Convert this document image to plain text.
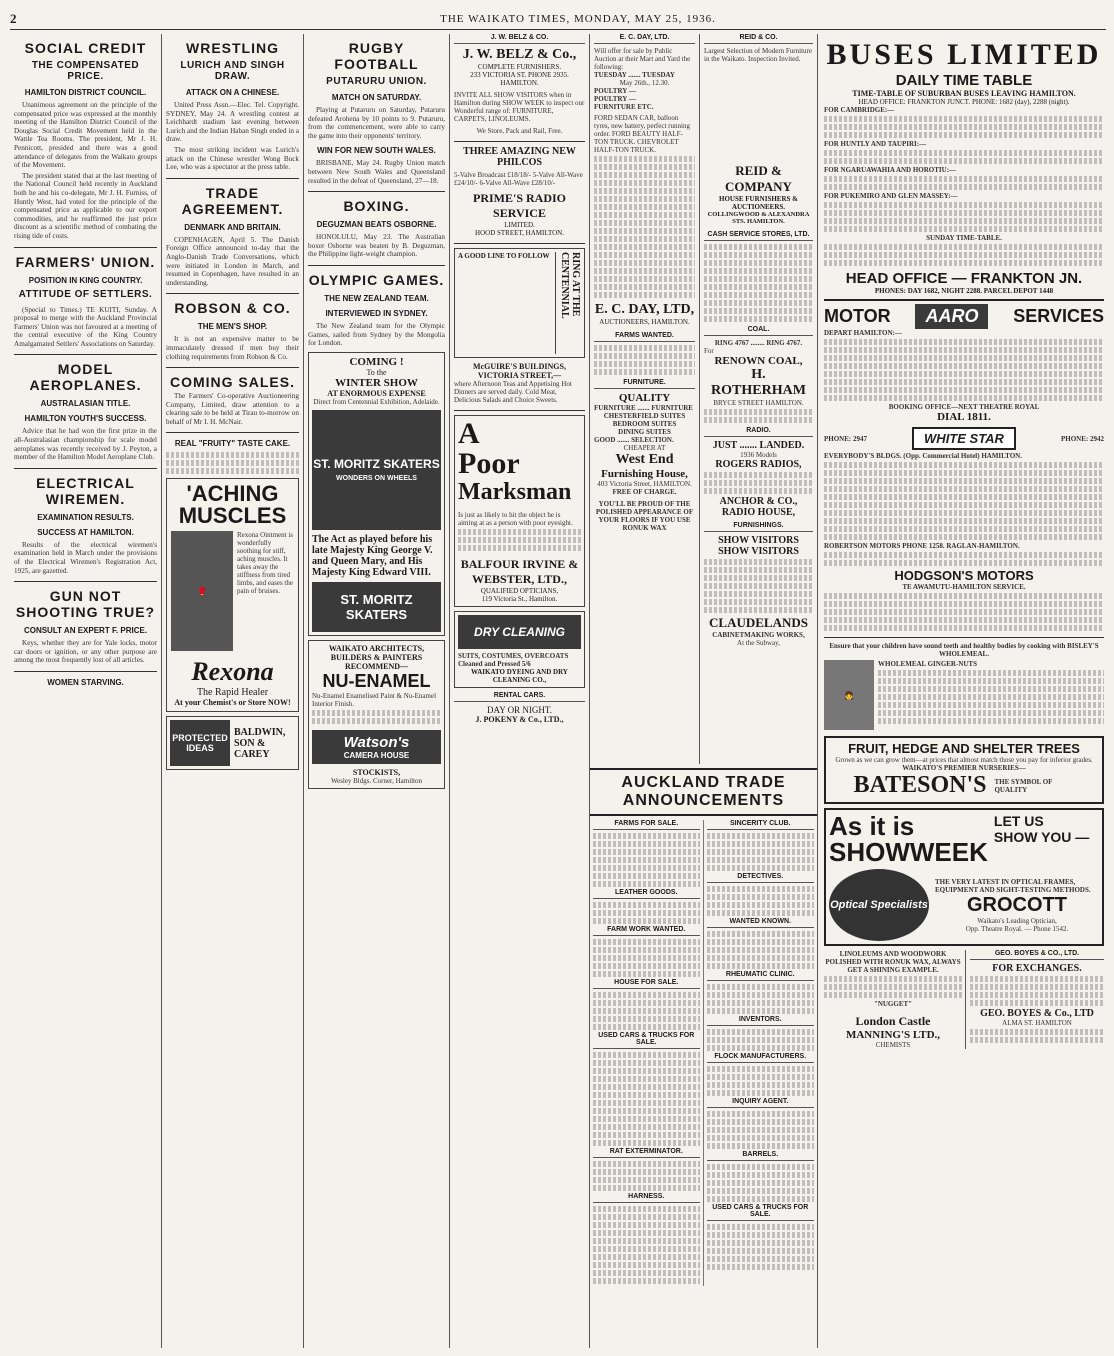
2	THE WAIKATO TIMES, MONDAY, MAY 25, 1936.
SOCIAL CREDIT
THE COMPENSATED PRICE.
HAMILTON DISTRICT COUNCIL.

Unanimous agreement on the principle of the compensated price was expressed at the monthly meeting of the Hamilton District Council of the Douglas Social Credit Movement held in the Wattle Tea Rooms. The president, Mr J. H. Pennicott, presided and there was a good attendance of delegates from the Waikato groups of the Movement.

The president stated that at the last meeting of the National Council held recently in Auckland both he and his co-delegate, Mr J. H. Furniss, of Huntly West, had voted for the principle of the compensated price as applicable to our export commodities, and he reaffirmed the just price discount as a scientific method of combating the rising tide of costs.

FARMERS' UNION.
POSITION IN KING COUNTRY.
ATTITUDE OF SETTLERS.

(Special to Times.) TE KUITI, Sunday. A proposal to merge with the Auckland Provincial Farmers' Union was not favoured at a meeting of the central executive of the King Country Amalgamated Settlers' Associations on Saturday.

MODEL AEROPLANES.
AUSTRALASIAN TITLE.
HAMILTON YOUTH'S SUCCESS.

Advice that he had won the first prize in the all-Australasian championship for scale model aeroplanes was recently received by J. Peyton, a member of the Hamilton Model Aeroplane Club.

ELECTRICAL WIREMEN.
EXAMINATION RESULTS.
SUCCESS AT HAMILTON.

Results of the electrical wiremen's examination held in March under the provisions of the Electrical Wiremen's Registration Act, 1925, are gazetted.

GUN NOT SHOOTING TRUE?
CONSULT AN EXPERT F. PRICE.

Keys, whether they are for Yale locks, motor car doors or ignition, or any other purpose are among the most frequently lost of all articles.

WOMEN STARVING.
WRESTLING
LURICH AND SINGH DRAW.
ATTACK ON A CHINESE.

United Press Assn.—Elec. Tel. Copyright. SYDNEY, May 24. A wrestling contest at Leichhardt stadium last evening between Lurich and the Indian Haban Singh ended in a draw.

The most striking incident was Lurich's attack on the Chinese wrestler Wong Buck Lee, who was a spectator at the press table.

TRADE AGREEMENT.
DENMARK AND BRITAIN.

COPENHAGEN, April 5. The Danish Foreign Office announced to-day that the Anglo-Danish Trade Conversations, which were initiated in London in March, and resumed in Copenhagen, have resulted in an understanding.

ROBSON & CO.
THE MEN'S SHOP.

It is not an expensive matter to be immaculately dressed if men buy their clothing requirements from Robson & Co.

COMING SALES.

The Farmers' Co-operative Auctioneering Company, Limited, draw attention to a clearing sale to be held at Tirau to-morrow on behalf of Mr I. H. McNair.

REAL "FRUITY" TASTE CAKE.
'ACHING MUSCLES
🥊

Rexona Ointment is wonderfully soothing for stiff, aching muscles. It takes away the stiffness from tired limbs, and eases the pain of bruises.

Rexona
The Rapid Healer
At your Chemist's or Store NOW!
PROTECTED IDEAS
BALDWIN, SON & CAREY
RUGBY FOOTBALL
PUTARURU UNION.
MATCH ON SATURDAY.

Playing at Putaruru on Saturday, Putaruru defeated Arohena by 10 points to 9. Putaruru, from the commencement, were able to carry the game into their opponents' territory.

WIN FOR NEW SOUTH WALES.

BRISBANE, May 24. Rugby Union match between New South Wales and Queensland resulted in the defeat of Queensland, 27—18.

BOXING.
DEGUZMAN BEATS OSBORNE.

HONOLULU, May 23. The Australian boxer Osborne was beaten by B. Deguzman, the Philippine light-weight champion.

OLYMPIC GAMES.
THE NEW ZEALAND TEAM.
INTERVIEWED IN SYDNEY.

The New Zealand team for the Olympic Games, sailed from Sydney by the Mongolia for London.

COMING !
To the
WINTER SHOW
AT ENORMOUS EXPENSE
Direct from Centennial Exhibition, Adelaide.
ST. MORITZ SKATERS
WONDERS ON WHEELS
The Act as played before his late Majesty King George V. and Queen Mary, and His Majesty King Edward VIII.
ST. MORITZ SKATERS
WAIKATO ARCHITECTS, BUILDERS & PAINTERS RECOMMEND—
NU-ENAMEL

Nu-Enamel Enamelised Paint & Nu-Enamel Interior Finish.

Watson's
CAMERA HOUSE
STOCKISTS,
Wesley Bldgs. Corner, Hamilton
J. W. BELZ & CO.
J. W. BELZ & Co.,
COMPLETE FURNISHERS.
233 VICTORIA ST. PHONE 2935.
HAMILTON.

INVITE ALL SHOW VISITORS when in Hamilton during SHOW WEEK to inspect our Wonderful range of: FURNITURE, CARPETS, LINOLEUMS.

We Store, Pack and Rail, Free.
THREE AMAZING NEW PHILCOS

5-Valve Broadcast £18/18/- 5-Valve All-Wave £24/10/- 6-Valve All-Wave £28/10/-

PRIME'S RADIO SERVICE
LIMITED.
HOOD STREET, HAMILTON.
A GOOD LINE TO FOLLOW	RING AT THE CENTENNIAL
McGUIRE'S BUILDINGS, VICTORIA STREET,—

where Afternoon Teas and Appetising Hot Dinners are served daily. Cold Meat, Delicious Salads and Choice Sweets.

A
Poor
Marksman

Is just as likely to hit the object he is aiming at as a person with poor eyesight.

BALFOUR IRVINE & WEBSTER, LTD.,
QUALIFIED OPTICIANS,
119 Victoria St., Hamilton.
DRY CLEANING

SUITS, COSTUMES, OVERCOATS Cleaned and Pressed 5/6

WAIKATO DYEING AND DRY CLEANING CO.,
RENTAL CARS.
DAY OR NIGHT.
J. POKENY & Co., LTD.,
E. C. DAY, LTD.

Will offer for sale by Public Auction at their Mart and Yard the following:

TUESDAY ....... TUESDAY
May 26th., 12.30.
POULTRY —
POULTRY —
FURNITURE ETC.

FORD SEDAN CAR, balloon tyres, new battery, perfect running order. FORD BEAUTY HALF-TON TRUCK. CHEVROLET HALF-TON TRUCK.

E. C. DAY, LTD,
AUCTIONEERS, HAMILTON.
FARMS WANTED.
FURNITURE.
QUALITY
FURNITURE ....... FURNITURE
CHESTERFIELD SUITES
BEDROOM SUITES
DINING SUITES
GOOD ....... SELECTION.
CHEAPER AT
West End
Furnishing House,
403 Victoria Street, HAMILTON.
FREE OF CHARGE.

YOU'LL BE PROUD OF THE POLISHED APPEARANCE OF YOUR FLOORS IF YOU USE RONUK WAX

REID & CO.

Largest Selection of Modern Furniture in the Waikato. Inspection Invited.

REID & COMPANY
HOUSE FURNISHERS & AUCTIONEERS.
COLLINGWOOD & ALEXANDRA STS. HAMILTON.
CASH SERVICE STORES, LTD.
COAL.
RING 4767 ........ RING 4767.
For
RENOWN COAL,
H. ROTHERHAM
BRYCE STREET HAMILTON.
RADIO.
JUST ....... LANDED.
1936 Models
ROGERS RADIOS,
ANCHOR & CO.,
RADIO HOUSE,
FURNISHINGS.
SHOW VISITORS
SHOW VISITORS
CLAUDELANDS
CABINETMAKING WORKS,
At the Subway,
AUCKLAND TRADE ANNOUNCEMENTS
FARMS FOR SALE.
LEATHER GOODS.
FARM WORK WANTED.
HOUSE FOR SALE.
USED CARS & TRUCKS FOR SALE.
RAT EXTERMINATOR.
HARNESS.
SINCERITY CLUB.
DETECTIVES.
WANTED KNOWN.
RHEUMATIC CLINIC.
INVENTORS.
FLOCK MANUFACTURERS.
INQUIRY AGENT.
BARRELS.
USED CARS & TRUCKS FOR SALE.
BUSES LIMITED
DAILY TIME TABLE
TIME-TABLE OF SUBURBAN BUSES LEAVING HAMILTON.
HEAD OFFICE: FRANKTON JUNCT. PHONE: 1682 (day), 2288 (night).
FOR CAMBRIDGE:—
FOR HUNTLY AND TAUPIRI:—
FOR NGARUAWAHIA AND HOROTIU:—
FOR PUKEMIRO AND GLEN MASSEY:—
SUNDAY TIME-TABLE.
HEAD OFFICE — FRANKTON JN.
PHONES: DAY 1682, NIGHT 2288. PARCEL DEPOT 1448
MOTOR	AARO	SERVICES
DEPART HAMILTON:—
BOOKING OFFICE—NEXT THEATRE ROYAL
DIAL 1811.
PHONE: 2947	WHITE STAR	PHONE: 2942
EVERYBODY'S BLDGS. (Opp. Commercial Hotel) HAMILTON.
ROBERTSON MOTORS PHONE 1258. RAGLAN-HAMILTON.
HODGSON'S MOTORS
TE AWAMUTU-HAMILTON SERVICE.

Ensure that your children have sound teeth and healthy bodies by cooking with BISLEY'S WHOLEMEAL.

👧
WHOLEMEAL GINGER-NUTS
FRUIT, HEDGE AND SHELTER TREES

Grown as we can grow them—at prices that almost match those you pay for inferior grades.

WAIKATO'S PREMIER NURSERIES—
BATESON'S THE SYMBOL OF QUALITY
As it is
SHOWWEEK
LET US
SHOW YOU —
Optical Specialists

THE VERY LATEST IN OPTICAL FRAMES, EQUIPMENT AND SIGHT-TESTING METHODS.

GROCOTT
Waikato's Leading Optician,
Opp. Theatre Royal. — Phone 1542.

LINOLEUMS AND WOODWORK POLISHED WITH RONUK WAX, ALWAYS GET A SHINING EXAMPLE.

"NUGGET"
London Castle
MANNING'S LTD.,
CHEMISTS
GEO. BOYES & CO., LTD.
FOR EXCHANGES.
GEO. BOYES & Co., LTD
ALMA ST. HAMILTON
